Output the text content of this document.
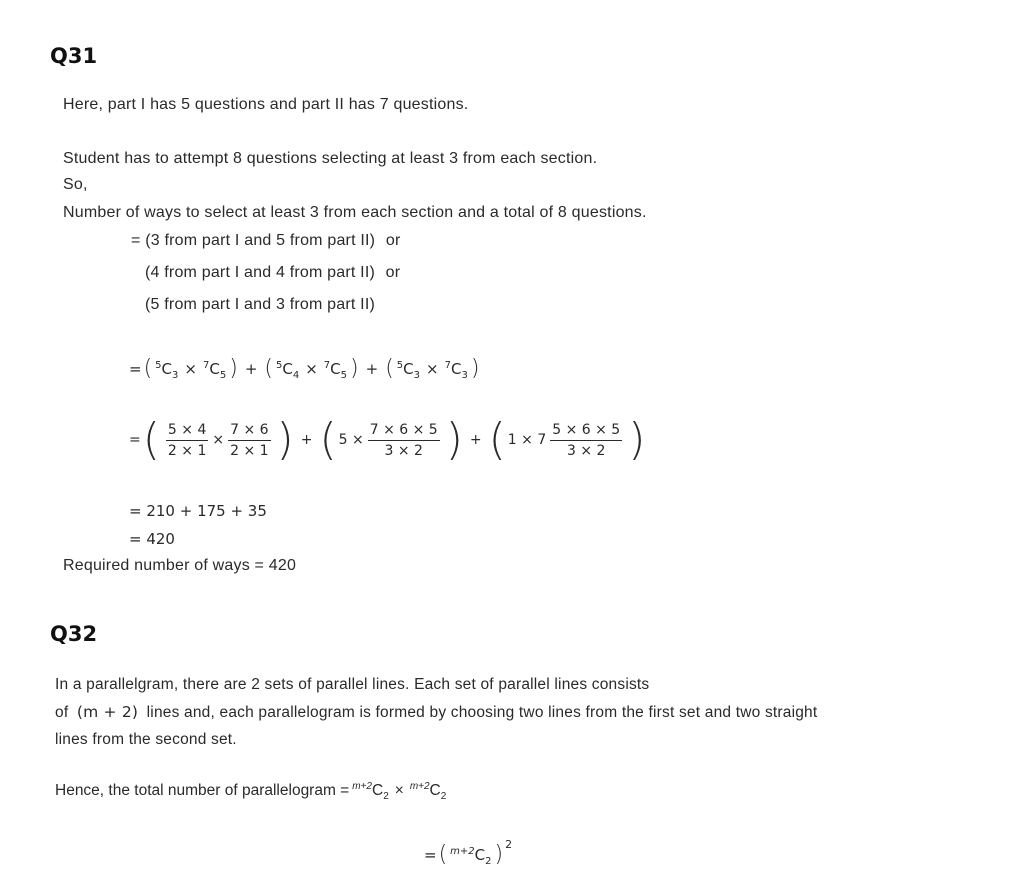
Q31
Here, part I has 5 questions and part II has 7 questions.
Student has to attempt 8 questions selecting at least 3 from each section.
So,
Number of ways to select at least 3 from each section and a total of 8 questions.
= (3 from part I and 5 from part II) or
(4 from part I and 4 from part II) or
(5 from part I and 3 from part II)
= ( $^5$ $C_3 \times ^7$ $C_5$ ) + ( $^5$ $C_4 \times ^7$ $C_5$ ) + ( $^5$ $C_3 \times ^7$ $C_3$ )
= ( $\frac{5 \times 4}{2 \times 1} \times \frac{7 \times 6}{2 \times 1}$ ) + ( $5 \times \frac{7 \times 6 \times 5}{3 \times 2}$ ) + ( $1 \times 7 \frac{5 \times 6 \times 5}{3 \times 2}$ )
= 210 + 175 + 35
= 420
Required number of ways = 420
Q32
In a parallelgram, there are 2 sets of parallel lines. Each set of parallel lines consists
of (m + 2) lines and, each parallelogram is formed by choosing two lines from the first set and two straight
lines from the second set.
Hence, the total number of parallelogram = $^{m+2}$ $C_2 \times ^{m+2}$ $C_2$
= ( $^{m+2}$ $C_2$ )$^2$
